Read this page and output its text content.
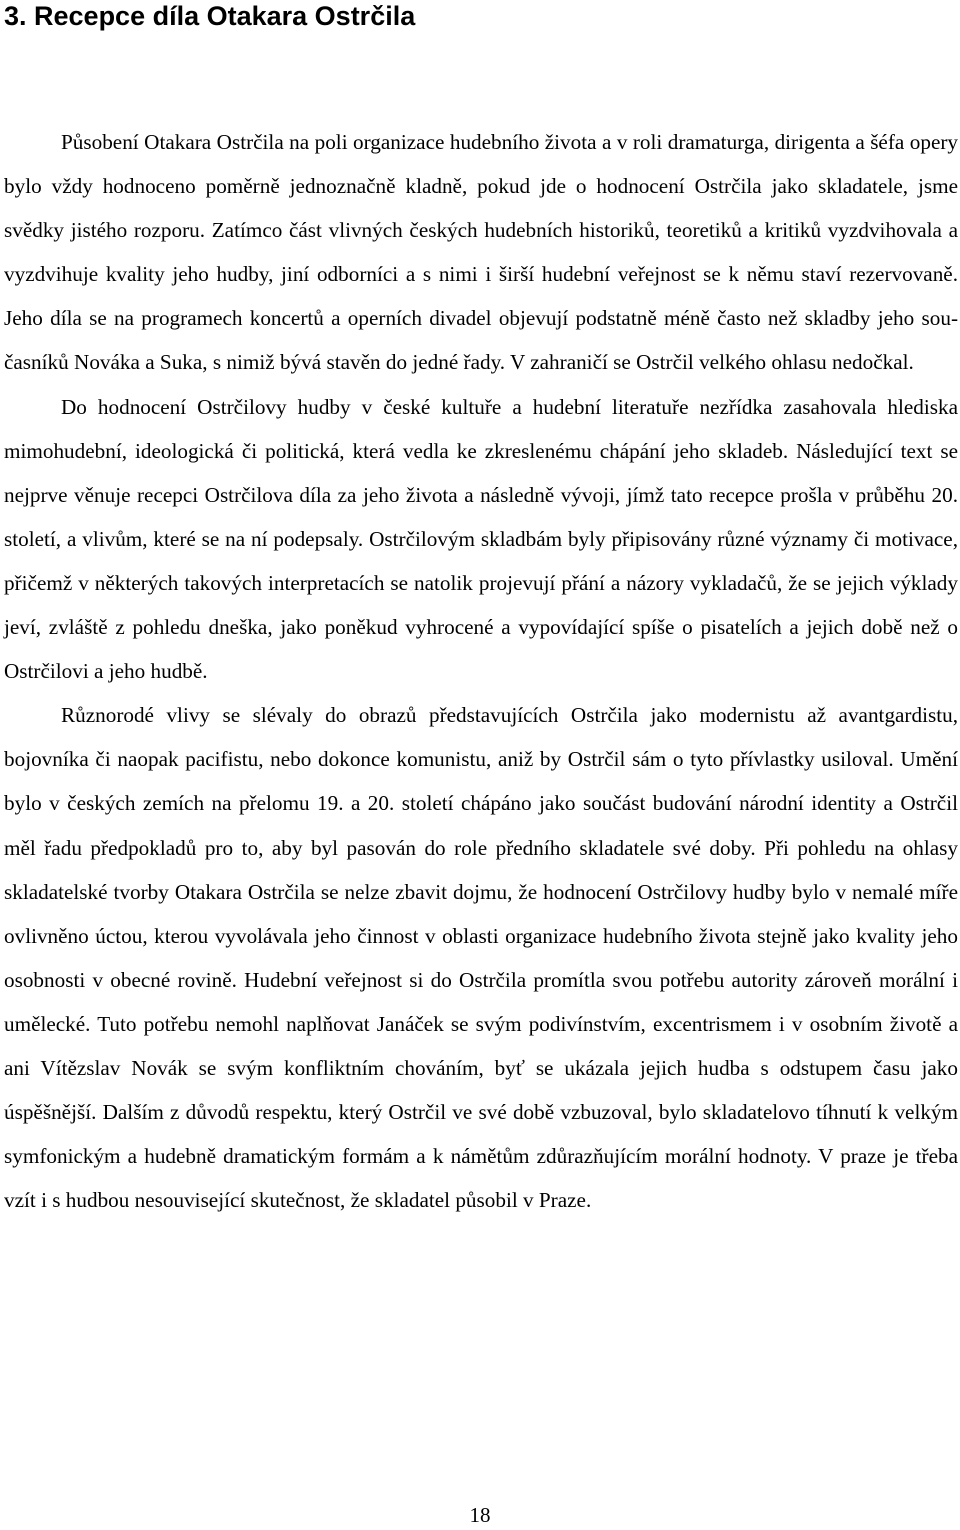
3. Recepce díla Otakara Ostrčila

Působení Otakara Ostrčila na poli organizace hudebního života a v roli dramaturga, dirigenta a šéfa opery bylo vždy hodnoceno poměrně jednoznačně kladně, pokud jde o hodnocení Ostrčila jako skladatele, jsme svědky jistého rozporu. Zatímco část vlivných českých hudebních historiků, teoretiků a kritiků vyzdvihovala a vyzdvihuje kvality jeho hudby, jiní odborníci a s nimi i širší hudební veřejnost se k němu staví rezervovaně. Jeho díla se na programech koncertů a operních divadel objevují podstatně méně často než skladby jeho současníků Nováka a Suka, s nimiž bývá stavěn do jedné řady. V zahraničí se Ostrčil velkého ohlasu nedočkal.

Do hodnocení Ostrčilovy hudby v české kultuře a hudební literatuře nezřídka zasahovala hlediska mimohudební, ideologická či politická, která vedla ke zkreslenému chápání jeho skladeb. Následující text se nejprve věnuje recepci Ostrčilova díla za jeho života a následně vývoji, jímž tato recepce prošla v průběhu 20. století, a vlivům, které se na ní podepsaly. Ostrčilovým skladbám byly připisovány různé významy či motivace, přičemž v některých takových interpretacích se natolik projevují přání a názory vykladačů, že se jejich výklady jeví, zvláště z pohledu dneška, jako poněkud vyhrocené a vypovídající spíše o pisatelích a jejich době než o Ostrčilovi a jeho hudbě.

Různorodé vlivy se slévaly do obrazů představujících Ostrčila jako modernistu až avantgardistu, bojovníka či naopak pacifistu, nebo dokonce komunistu, aniž by Ostrčil sám o tyto přívlastky usiloval. Umění bylo v českých zemích na přelomu 19. a 20. století chápáno jako součást budování národní identity a Ostrčil měl řadu předpokladů pro to, aby byl pasován do role předního skladatele své doby. Při pohledu na ohlasy skladatelské tvorby Otakara Ostrčila se nelze zbavit dojmu, že hodnocení Ostrčilovy hudby bylo v nemalé míře ovlivněno úctou, kterou vyvolávala jeho činnost v oblasti organizace hudebního života stejně jako kvality jeho osobnosti v obecné rovině. Hudební veřejnost si do Ostrčila promítla svou potřebu autority zároveň morální i umělecké. Tuto potřebu nemohl naplňovat Janáček se svým podivínstvím, excentrismem i v osobním životě a ani Vítězslav Novák se svým konfliktním chováním, byť se ukázala jejich hudba s odstupem času jako úspěšnější. Dalším z důvodů respektu, který Ostrčil ve své době vzbuzoval, bylo skladatelovo tíhnutí k velkým symfonickým a hudebně dramatickým formám a k námětům zdůrazňujícím morální hodnoty. V praze je třeba vzít i s hudbou nesouvisející skutečnost, že skladatel působil v Praze.

18
